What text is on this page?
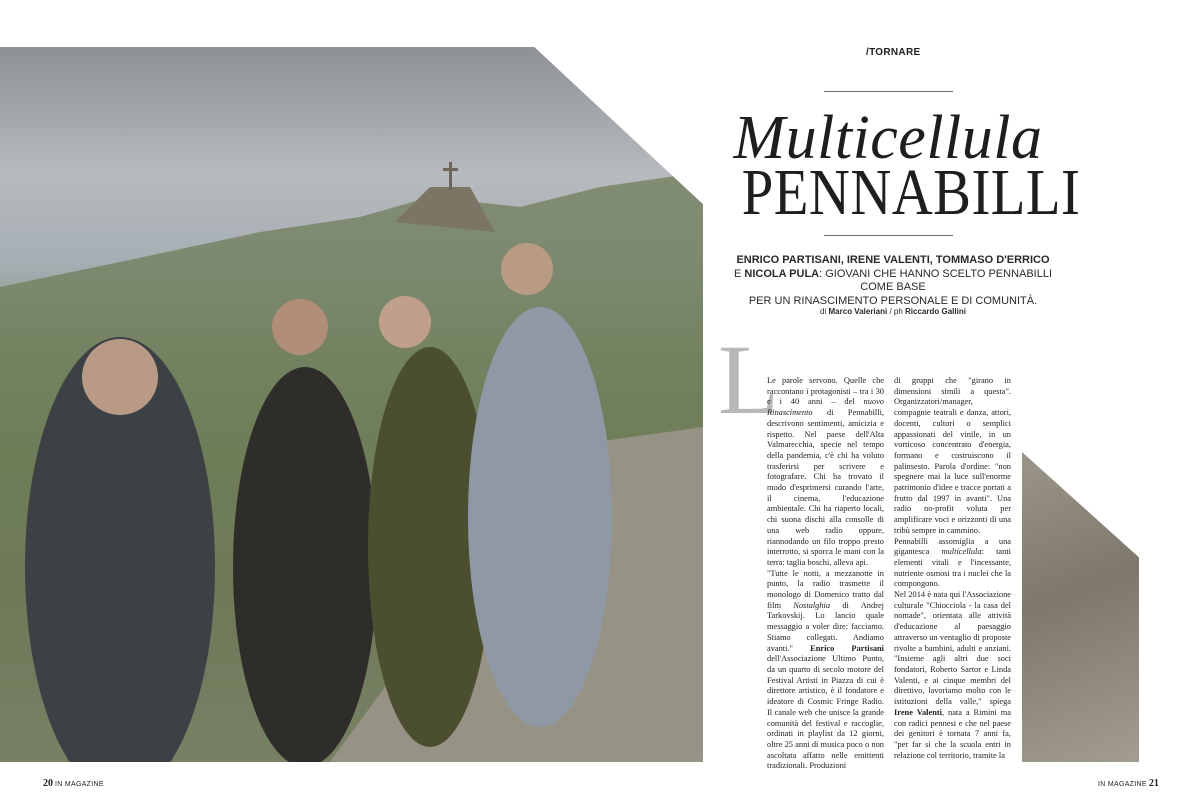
/TORNARE
Multicellula
PENNABILLI
ENRICO PARTISANI, IRENE VALENTI, TOMMASO D'ERRICO
E NICOLA PULA: GIOVANI CHE HANNO SCELTO PENNABILLI COME BASE
PER UN RINASCIMENTO PERSONALE E DI COMUNITÀ.
di Marco Valeriani / ph Riccardo Gallini
L

Le parole servono. Quelle che raccontano i protagonisti – tra i 30 e i 40 anni – del nuovo Rinascimento di Pennabilli, descrivono sentimenti, amicizia e rispetto. Nel paese dell'Alta Valmarecchia, specie nel tempo della pandemia, c'è chi ha voluto trasferirsi per scrivere e fotografare. Chi ha trovato il modo d'esprimersi curando l'arte, il cinema, l'educazione ambientale. Chi ha riaperto locali, chi suona dischi alla consolle di una web radio oppure, riannodando un filo troppo presto interrotto, si sporca le mani con la terra: taglia boschi, alleva api.

"Tutte le notti, a mezzanotte in punto, la radio trasmette il monologo di Domenico tratto dal film Nostalghia di Andrej Tarkovskij. Lo lancio quale messaggio a voler dire: facciamo. Stiamo collegati. Andiamo avanti." Enrico Partisani dell'Associazione Ultimo Punto, da un quarto di secolo motore del Festival Artisti in Piazza di cui è direttore artistico, è il fondatore e ideatore di Cosmic Fringe Radio. Il canale web che unisce la grande comunità del festival e raccoglie, ordinati in playlist da 12 giorni, oltre 25 anni di musica poco o non ascoltata affatto nelle emittenti tradizionali. Produzioni

di gruppi che "girano in dimensioni simili a questa". Organizzatori/manager, compagnie teatrali e danza, attori, docenti, cultori o semplici appassionati del vinile, in un vorticoso concentrato d'energia, formano e costruiscono il palinsesto. Parola d'ordine: "non spegnere mai la luce sull'enorme patrimonio d'idee e tracce portati a frutto dal 1997 in avanti". Una radio no-profit voluta per amplificare voci e orizzonti di una tribù sempre in cammino.

Pennabilli assomiglia a una gigantesca multicellula: tanti elementi vitali e l'incessante, nutriente osmosi tra i nuclei che la compongono.

Nel 2014 è nata qui l'Associazione culturale "Chiocciola - la casa del nomade", orientata alle attività d'educazione al paesaggio attraverso un ventaglio di proposte rivolte a bambini, adulti e anziani. "Insieme agli altri due soci fondatori, Roberto Sartor e Linda Valenti, e ai cinque membri del direttivo, lavoriamo molto con le istituzioni della valle," spiega Irene Valenti, nata a Rimini ma con radici pennesi e che nel paese dei genitori è tornata 7 anni fa, "per far sì che la scuola entri in relazione col territorio, tramite la

20 IN MAGAZINE	IN MAGAZINE 21
